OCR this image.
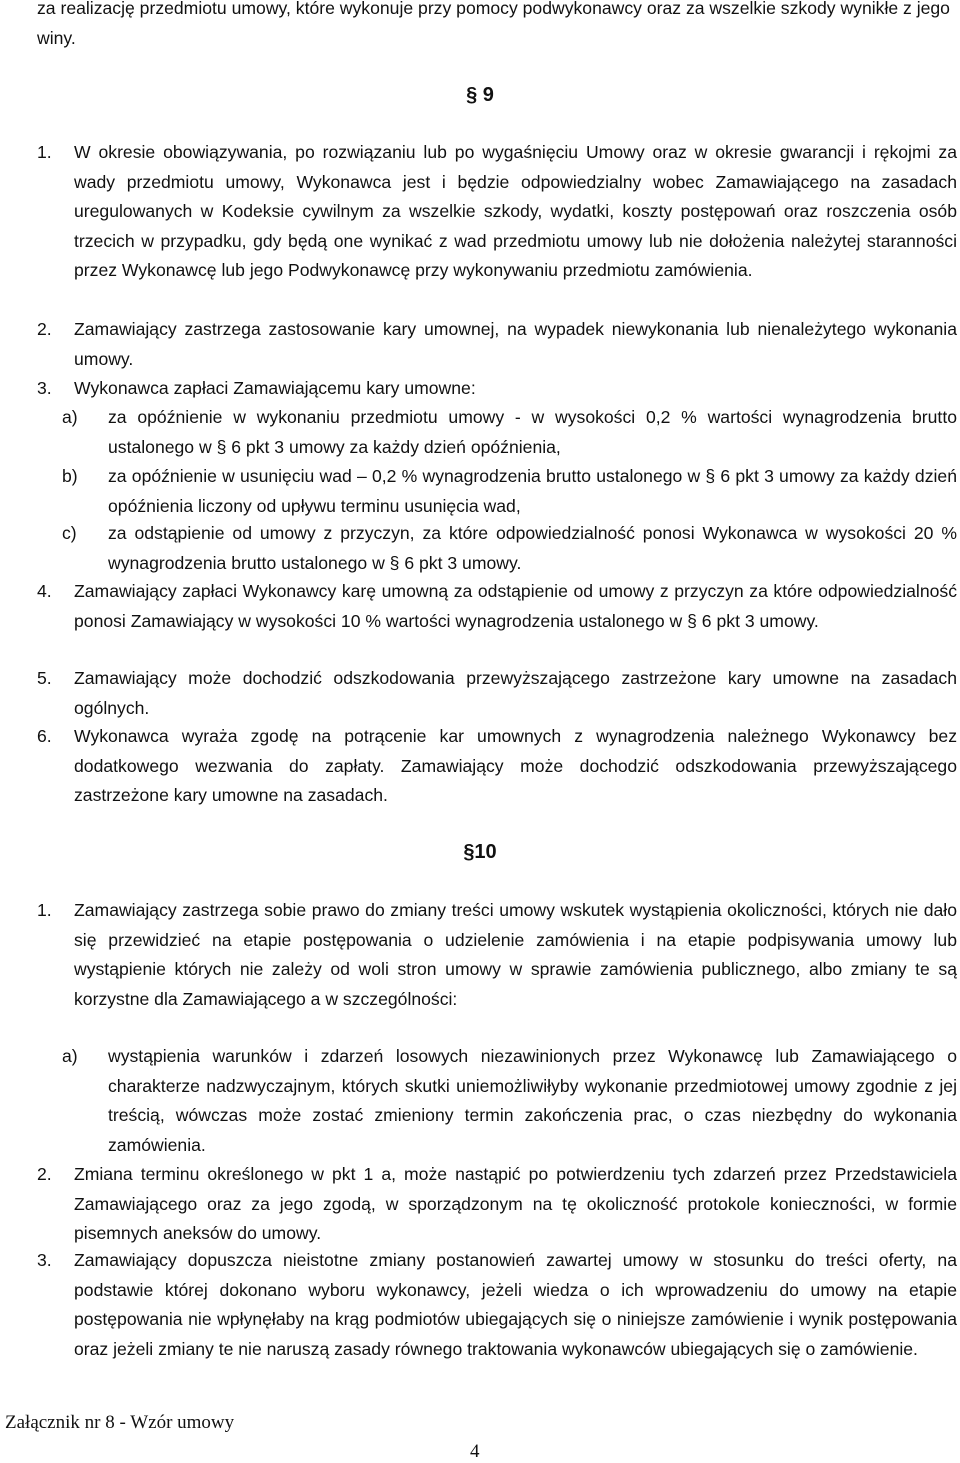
za realizację przedmiotu umowy, które wykonuje przy pomocy podwykonawcy oraz za wszelkie szkody wynikłe z jego winy.

§ 9
1. W okresie obowiązywania, po rozwiązaniu lub po wygaśnięciu Umowy oraz w okresie gwarancji i rękojmi za wady przedmiotu umowy, Wykonawca jest i będzie odpowiedzialny wobec Zamawiającego na zasadach uregulowanych w Kodeksie cywilnym za wszelkie szkody, wydatki, koszty postępowań oraz roszczenia osób trzecich w przypadku, gdy będą one wynikać z wad przedmiotu umowy lub nie dołożenia należytej staranności przez Wykonawcę lub jego Podwykonawcę przy wykonywaniu przedmiotu zamówienia.

2. Zamawiający zastrzega zastosowanie kary umownej, na wypadek niewykonania lub nienależytego wykonania umowy.

3. Wykonawca zapłaci Zamawiającemu kary umowne:

a) za opóźnienie w wykonaniu przedmiotu umowy - w wysokości 0,2 % wartości wynagrodzenia brutto ustalonego w § 6 pkt 3 umowy za każdy dzień opóźnienia,

b) za opóźnienie w usunięciu wad – 0,2 % wynagrodzenia brutto ustalonego w § 6 pkt 3 umowy za każdy dzień opóźnienia liczony od upływu terminu usunięcia wad,

c) za odstąpienie od umowy z przyczyn, za które odpowiedzialność ponosi Wykonawca w wysokości 20 % wynagrodzenia brutto ustalonego w § 6 pkt 3 umowy.

4. Zamawiający zapłaci Wykonawcy karę umowną za odstąpienie od umowy z przyczyn za które odpowiedzialność ponosi Zamawiający w wysokości 10 % wartości wynagrodzenia ustalonego w § 6 pkt 3 umowy.

5. Zamawiający może dochodzić odszkodowania przewyższającego zastrzeżone kary umowne na zasadach ogólnych.

6. Wykonawca wyraża zgodę na potrącenie kar umownych z wynagrodzenia należnego Wykonawcy bez dodatkowego wezwania do zapłaty. Zamawiający może dochodzić odszkodowania przewyższającego zastrzeżone kary umowne na zasadach.

§10
1. Zamawiający zastrzega sobie prawo do zmiany treści umowy wskutek wystąpienia okoliczności, których nie dało się przewidzieć na etapie postępowania o udzielenie zamówienia i na etapie podpisywania umowy lub wystąpienie których nie zależy od woli stron umowy w sprawie zamówienia publicznego, albo zmiany te są korzystne dla Zamawiającego a w szczególności:

a) wystąpienia warunków i zdarzeń losowych niezawinionych przez Wykonawcę lub Zamawiającego o charakterze nadzwyczajnym, których skutki uniemożliwiłyby wykonanie przedmiotowej umowy zgodnie z jej treścią, wówczas może zostać zmieniony termin zakończenia prac, o czas niezbędny do wykonania zamówienia.

2. Zmiana terminu określonego w pkt 1 a, może nastąpić po potwierdzeniu tych zdarzeń przez Przedstawiciela Zamawiającego oraz za jego zgodą, w sporządzonym na tę okoliczność protokole konieczności, w formie pisemnych aneksów do umowy.

3. Zamawiający dopuszcza nieistotne zmiany postanowień zawartej umowy w stosunku do treści oferty, na podstawie której dokonano wyboru wykonawcy, jeżeli wiedza o ich wprowadzeniu do umowy na etapie postępowania nie wpłynęłaby na krąg podmiotów ubiegających się o niniejsze zamówienie i wynik postępowania oraz jeżeli zmiany te nie naruszą zasady równego traktowania wykonawców ubiegających się o zamówienie.

Załącznik nr 8 - Wzór umowy
4
